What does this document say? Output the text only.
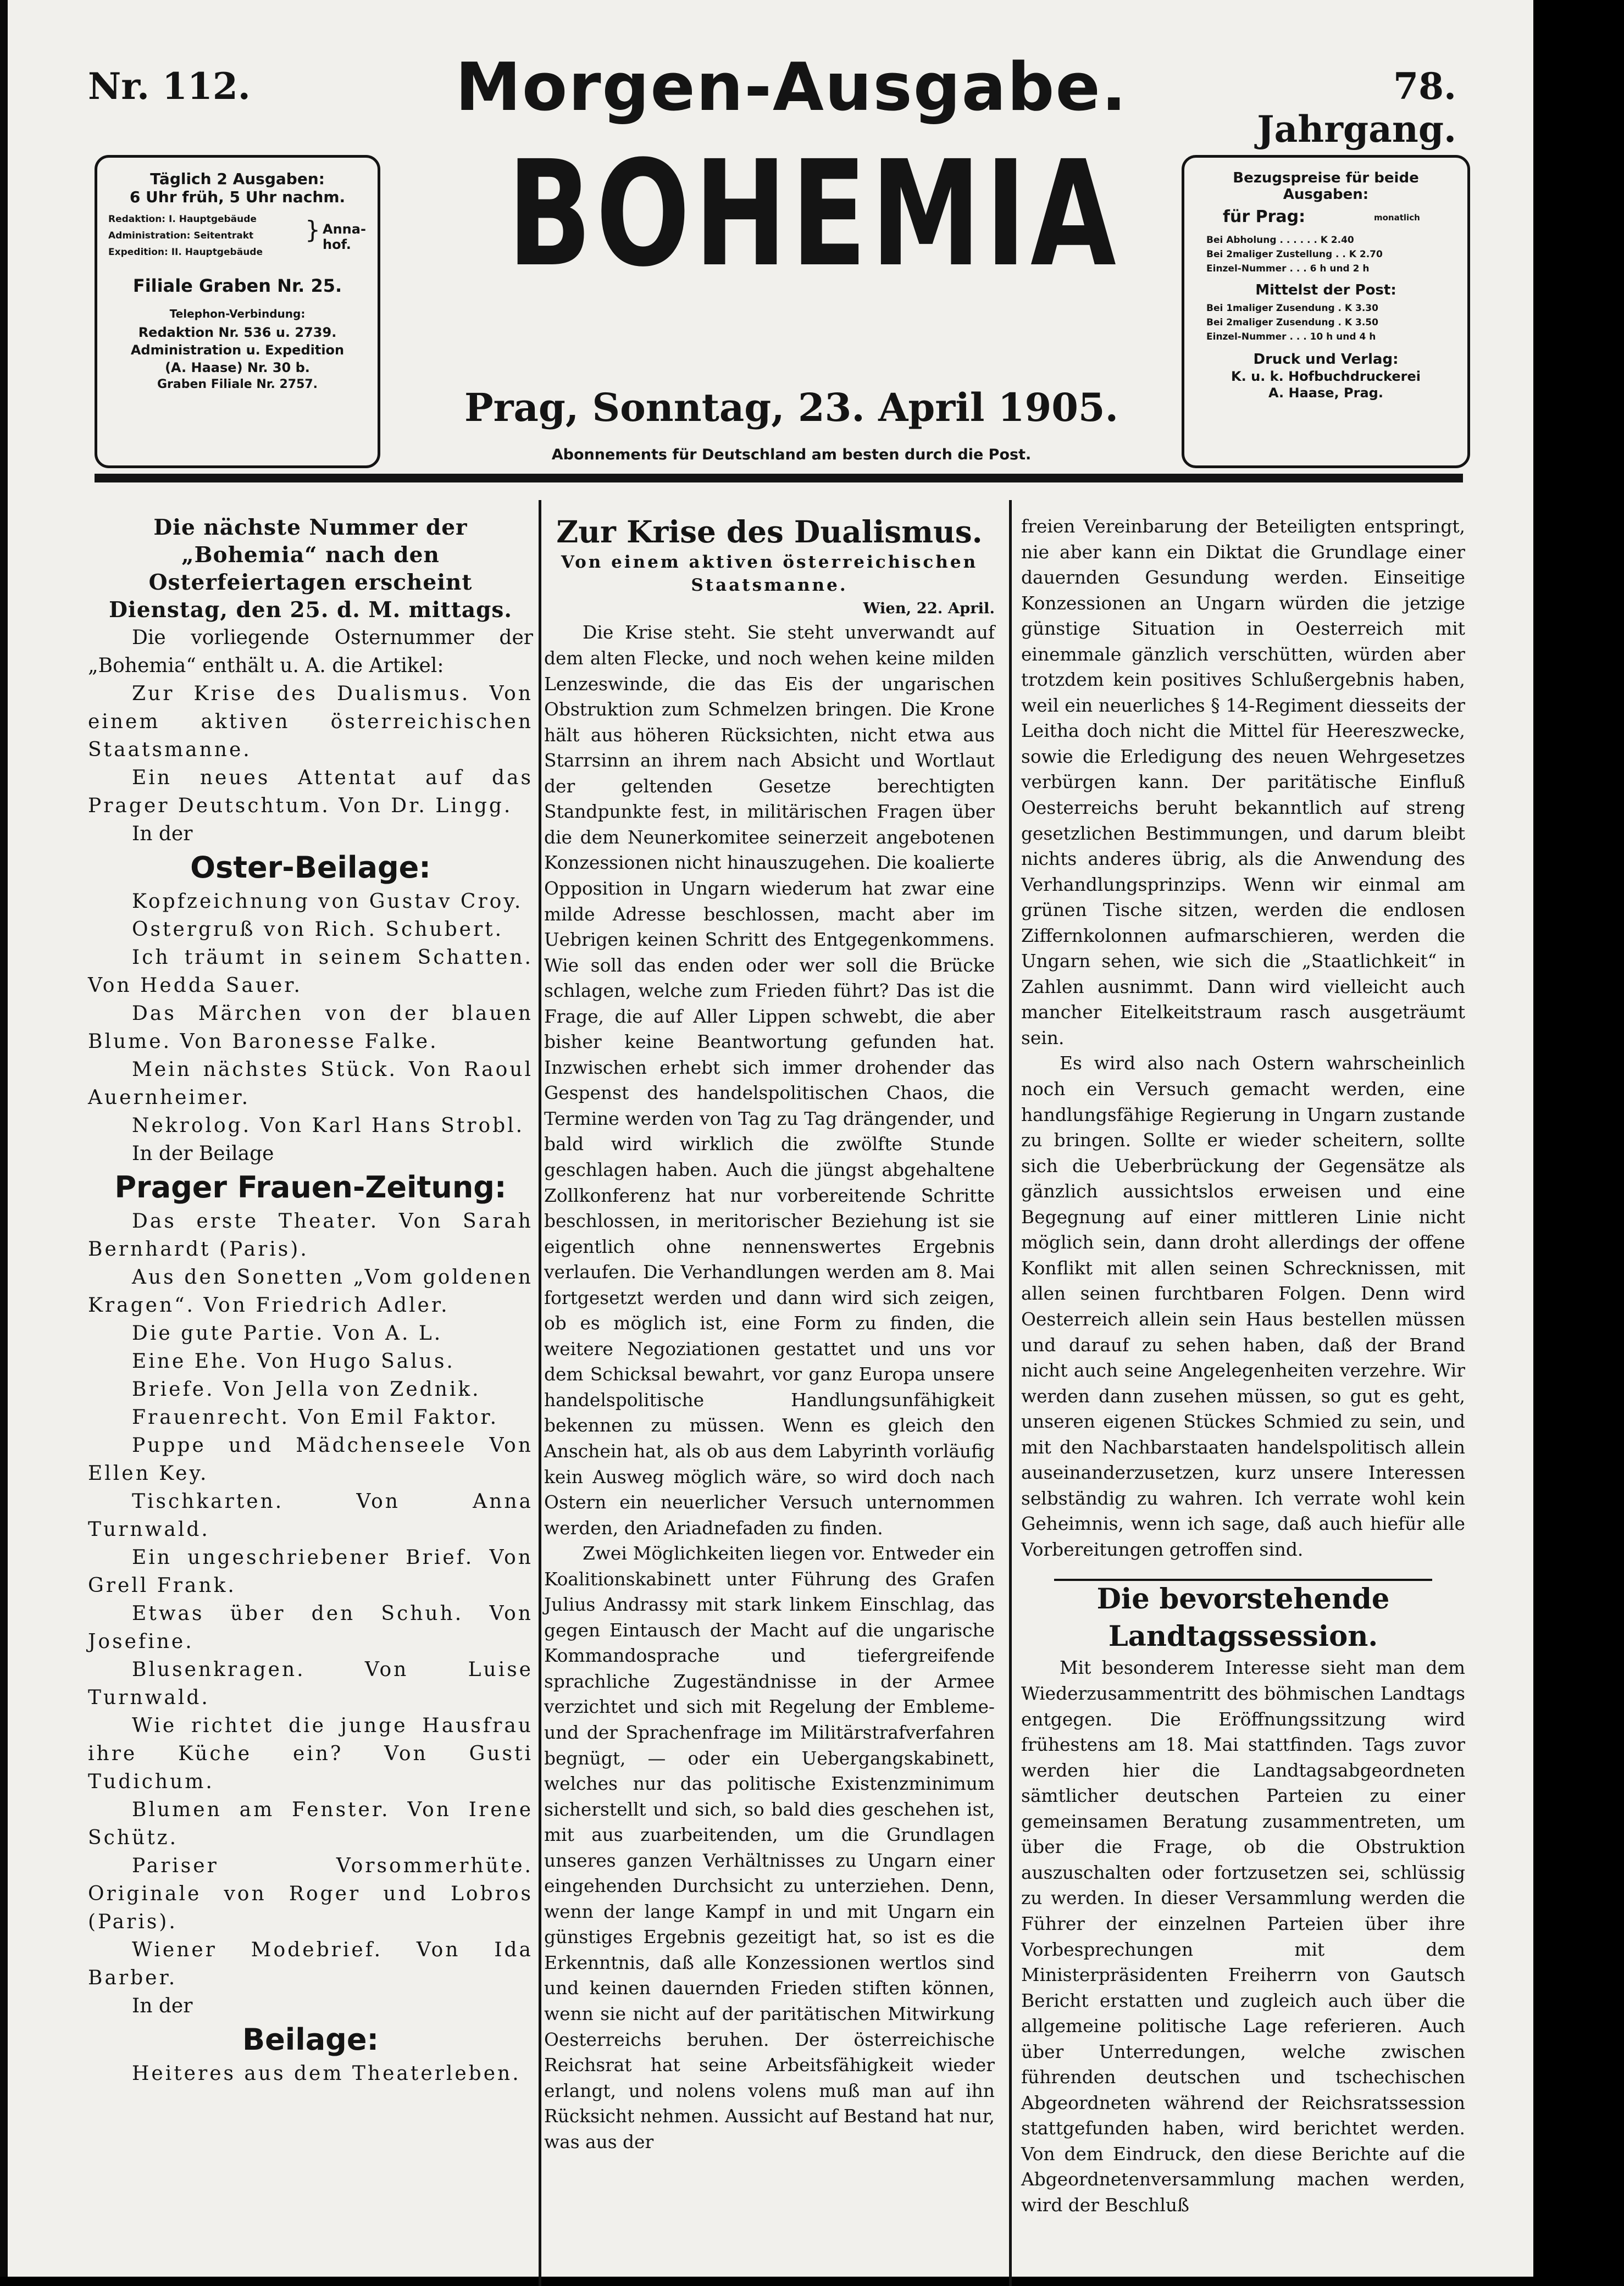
Nr. 112.	Morgen-Ausgabe.	78. Jahrgang.
Täglich 2 Ausgaben:
6 Uhr früh, 5 Uhr nachm.
Redaktion: I. Hauptgebäude
Administration: Seitentrakt
Expedition: II. Hauptgebäude
} Anna-hof.
Filiale Graben Nr. 25.
Telephon-Verbindung:
Redaktion Nr. 536 u. 2739.
Administration u. Expedition
(A. Haase) Nr. 30 b.
Graben Filiale Nr. 2757.
BOHEMIA
Prag, Sonntag, 23. April 1905.
Abonnements für Deutschland am besten durch die Post.
Bezugspreise für beide
Ausgaben:
für Prag:	monatlich
Bei Abholung . . . . . . K 2.40
Bei 2maliger Zustellung . . K 2.70
Einzel-Nummer . . . 6 h und 2 h
Mittelst der Post:
Bei 1maliger Zusendung . K 3.30
Bei 2maliger Zusendung . K 3.50
Einzel-Nummer . . . 10 h und 4 h
Druck und Verlag:
K. u. k. Hofbuchdruckerei
A. Haase, Prag.

Die nächste Nummer der „Bohemia“ nach den Osterfeiertagen erscheint Dienstag, den 25. d. M. mittags.

Die vorliegende Osternummer der „Bohemia“ enthält u. A. die Artikel:

Zur Krise des Dualismus. Von einem aktiven österreichischen Staatsmanne.

Ein neues Attentat auf das Prager Deutschtum. Von Dr. Lingg.

In der

Oster-Beilage:

Kopfzeichnung von Gustav Croy.

Ostergruß von Rich. Schubert.

Ich träumt in seinem Schatten. Von Hedda Sauer.

Das Märchen von der blauen Blume. Von Baronesse Falke.

Mein nächstes Stück. Von Raoul Auernheimer.

Nekrolog. Von Karl Hans Strobl.

In der Beilage

Prager Frauen-Zeitung:

Das erste Theater. Von Sarah Bernhardt (Paris).

Aus den Sonetten „Vom goldenen Kragen“. Von Friedrich Adler.

Die gute Partie. Von A. L.

Eine Ehe. Von Hugo Salus.

Briefe. Von Jella von Zednik.

Frauenrecht. Von Emil Faktor.

Puppe und Mädchenseele Von Ellen Key.

Tischkarten. Von Anna Turnwald.

Ein ungeschriebener Brief. Von Grell Frank.

Etwas über den Schuh. Von Josefine.

Blusenkragen. Von Luise Turnwald.

Wie richtet die junge Hausfrau ihre Küche ein? Von Gusti Tudichum.

Blumen am Fenster. Von Irene Schütz.

Pariser Vorsommerhüte. Originale von Roger und Lobros (Paris).

Wiener Modebrief. Von Ida Barber.

In der

Beilage:

Heiteres aus dem Theaterleben.

Zur Krise des Dualismus.

Von einem aktiven österreichischen Staatsmanne.

Wien, 22. April.

Die Krise steht. Sie steht unverwandt auf dem alten Flecke, und noch wehen keine milden Lenzeswinde, die das Eis der ungarischen Obstruktion zum Schmelzen bringen. Die Krone hält aus höheren Rücksichten, nicht etwa aus Starrsinn an ihrem nach Absicht und Wortlaut der geltenden Gesetze berechtigten Standpunkte fest, in militärischen Fragen über die dem Neunerkomitee seinerzeit angebotenen Konzessionen nicht hinauszugehen. Die koalierte Opposition in Ungarn wiederum hat zwar eine milde Adresse beschlossen, macht aber im Uebrigen keinen Schritt des Entgegenkommens. Wie soll das enden oder wer soll die Brücke schlagen, welche zum Frieden führt? Das ist die Frage, die auf Aller Lippen schwebt, die aber bisher keine Beantwortung gefunden hat. Inzwischen erhebt sich immer drohender das Gespenst des handelspolitischen Chaos, die Termine werden von Tag zu Tag drängender, und bald wird wirklich die zwölfte Stunde geschlagen haben. Auch die jüngst abgehaltene Zollkonferenz hat nur vorbereitende Schritte beschlossen, in meritorischer Beziehung ist sie eigentlich ohne nennenswertes Ergebnis verlaufen. Die Verhandlungen werden am 8. Mai fortgesetzt werden und dann wird sich zeigen, ob es möglich ist, eine Form zu finden, die weitere Negoziationen gestattet und uns vor dem Schicksal bewahrt, vor ganz Europa unsere handelspolitische Handlungsunfähigkeit bekennen zu müssen. Wenn es gleich den Anschein hat, als ob aus dem Labyrinth vorläufig kein Ausweg möglich wäre, so wird doch nach Ostern ein neuerlicher Versuch unternommen werden, den Ariadnefaden zu finden.

Zwei Möglichkeiten liegen vor. Entweder ein Koalitionskabinett unter Führung des Grafen Julius Andrassy mit stark linkem Einschlag, das gegen Eintausch der Macht auf die ungarische Kommandosprache und tiefergreifende sprachliche Zugeständnisse in der Armee verzichtet und sich mit Regelung der Embleme- und der Sprachenfrage im Militärstrafverfahren begnügt, — oder ein Uebergangskabinett, welches nur das politische Existenzminimum sicherstellt und sich, so bald dies geschehen ist, mit aus zuarbeitenden, um die Grundlagen unseres ganzen Verhältnisses zu Ungarn einer eingehenden Durchsicht zu unterziehen. Denn, wenn der lange Kampf in und mit Ungarn ein günstiges Ergebnis gezeitigt hat, so ist es die Erkenntnis, daß alle Konzessionen wertlos sind und keinen dauernden Frieden stiften können, wenn sie nicht auf der paritätischen Mitwirkung Oesterreichs beruhen. Der österreichische Reichsrat hat seine Arbeitsfähigkeit wieder erlangt, und nolens volens muß man auf ihn Rücksicht nehmen. Aussicht auf Bestand hat nur, was aus der

freien Vereinbarung der Beteiligten entspringt, nie aber kann ein Diktat die Grundlage einer dauernden Gesundung werden. Einseitige Konzessionen an Ungarn würden die jetzige günstige Situation in Oesterreich mit einemmale gänzlich verschütten, würden aber trotzdem kein positives Schlußergebnis haben, weil ein neuerliches § 14-Regiment diesseits der Leitha doch nicht die Mittel für Heereszwecke, sowie die Erledigung des neuen Wehrgesetzes verbürgen kann. Der paritätische Einfluß Oesterreichs beruht bekanntlich auf streng gesetzlichen Bestimmungen, und darum bleibt nichts anderes übrig, als die Anwendung des Verhandlungsprinzips. Wenn wir einmal am grünen Tische sitzen, werden die endlosen Ziffernkolonnen aufmarschieren, werden die Ungarn sehen, wie sich die „Staatlichkeit“ in Zahlen ausnimmt. Dann wird vielleicht auch mancher Eitelkeitstraum rasch ausgeträumt sein.

Es wird also nach Ostern wahrscheinlich noch ein Versuch gemacht werden, eine handlungsfähige Regierung in Ungarn zustande zu bringen. Sollte er wieder scheitern, sollte sich die Ueberbrückung der Gegensätze als gänzlich aussichtslos erweisen und eine Begegnung auf einer mittleren Linie nicht möglich sein, dann droht allerdings der offene Konflikt mit allen seinen Schrecknissen, mit allen seinen furchtbaren Folgen. Denn wird Oesterreich allein sein Haus bestellen müssen und darauf zu sehen haben, daß der Brand nicht auch seine Angelegenheiten verzehre. Wir werden dann zusehen müssen, so gut es geht, unseren eigenen Stückes Schmied zu sein, und mit den Nachbarstaaten handelspolitisch allein auseinanderzusetzen, kurz unsere Interessen selbständig zu wahren. Ich verrate wohl kein Geheimnis, wenn ich sage, daß auch hiefür alle Vorbereitungen getroffen sind.

Die bevorstehende Landtagssession.

Mit besonderem Interesse sieht man dem Wiederzusammentritt des böhmischen Landtags entgegen. Die Eröffnungssitzung wird frühestens am 18. Mai stattfinden. Tags zuvor werden hier die Landtagsabgeordneten sämtlicher deutschen Parteien zu einer gemeinsamen Beratung zusammentreten, um über die Frage, ob die Obstruktion auszuschalten oder fortzusetzen sei, schlüssig zu werden. In dieser Versammlung werden die Führer der einzelnen Parteien über ihre Vorbesprechungen mit dem Ministerpräsidenten Freiherrn von Gautsch Bericht erstatten und zugleich auch über die allgemeine politische Lage referieren. Auch über Unterredungen, welche zwischen führenden deutschen und tschechischen Abgeordneten während der Reichsratssession stattgefunden haben, wird berichtet werden. Von dem Eindruck, den diese Berichte auf die Abgeordnetenversammlung machen werden, wird der Beschluß
